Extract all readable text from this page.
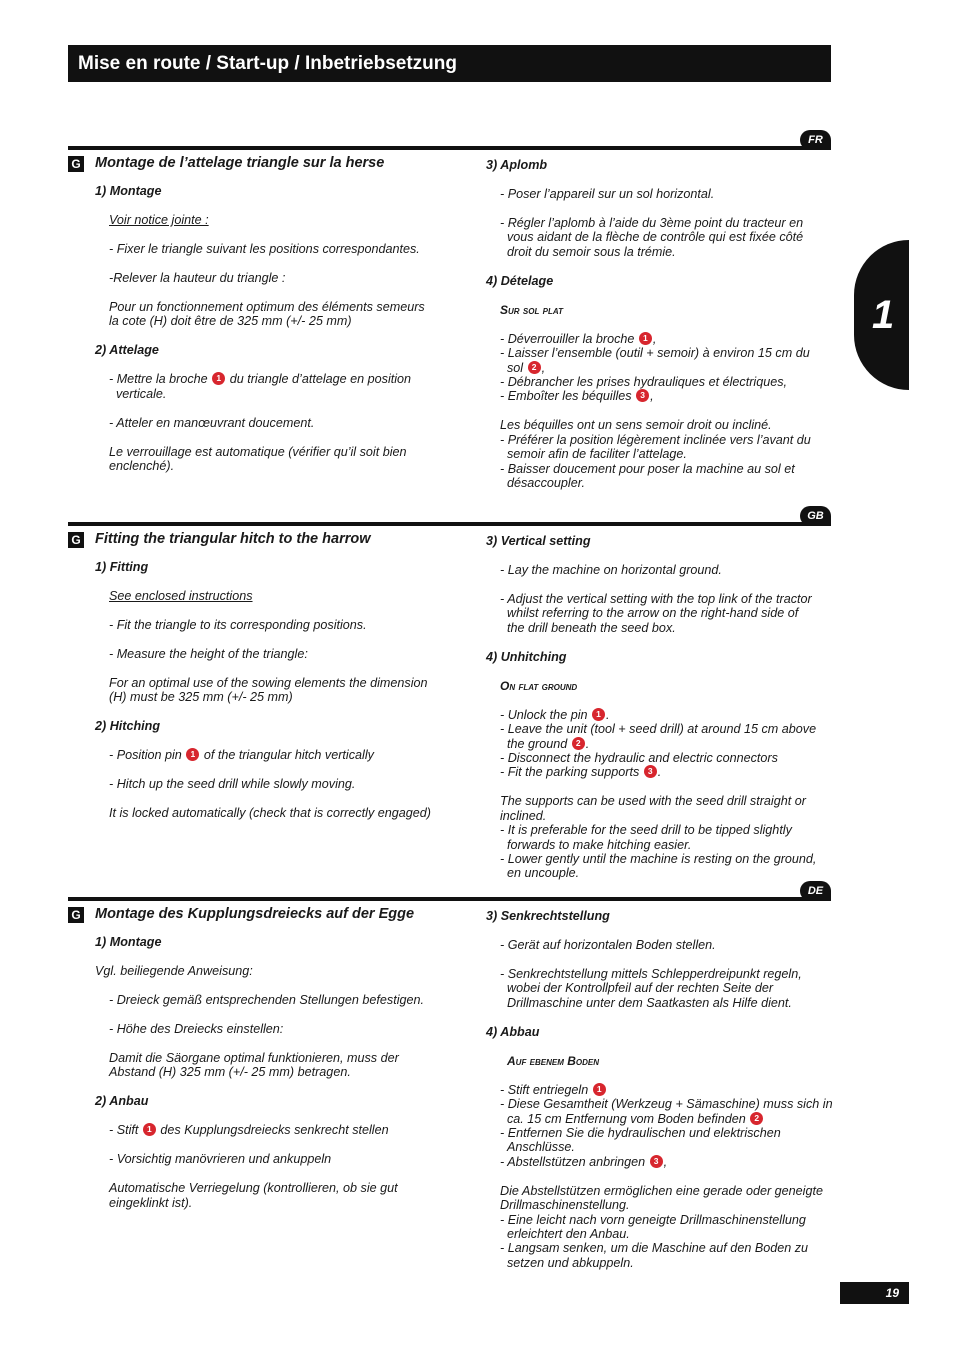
Mise en route / Start-up / Inbetriebsetzung
1
FR
G Montage de l’attelage triangle sur la herse
1) Montage
Voir notice jointe :
- Fixer le triangle suivant les positions correspondantes.
-Relever la hauteur du triangle :
Pour un fonctionnement optimum des éléments semeurs
la cote (H) doit être de 325 mm (+/- 25 mm)
2) Attelage
- Mettre la broche 1 du triangle d’attelage en position
verticale.
- Atteler en manœuvrant doucement.
Le verrouillage est automatique (vérifier qu’il soit bien
enclenché).
3) Aplomb
- Poser l’appareil sur un sol horizontal.
- Régler l’aplomb à l’aide du 3ème point du tracteur en
vous aidant de la flèche de contrôle qui est fixée côté
droit du semoir sous la trémie.
4) Dételage
Sur sol plat
- Déverrouiller la broche 1 ,
- Laisser l’ensemble (outil + semoir) à environ 15 cm du
sol 2 ,
- Débrancher les prises hydrauliques et électriques,
- Emboîter les béquilles 3 ,
Les béquilles ont un sens semoir droit ou incliné.
- Préférer la position légèrement inclinée vers l’avant du
semoir afin de faciliter l’attelage.
- Baisser doucement pour poser la machine au sol et
désaccoupler.
GB
G Fitting the triangular hitch to the harrow
1) Fitting
See enclosed instructions
- Fit the triangle to its corresponding positions.
- Measure the height of the triangle:
For an optimal use of the sowing elements the dimension
(H) must be 325 mm (+/- 25 mm)
2) Hitching
- Position pin 1 of the triangular hitch vertically
- Hitch up the seed drill while slowly moving.
It is locked automatically (check that is correctly engaged)
3) Vertical setting
- Lay the machine on horizontal ground.
- Adjust the vertical setting with the top link of the tractor
whilst referring to the arrow on the right-hand side of
the drill beneath the seed box.
4) Unhitching
On flat ground
- Unlock the pin 1 .
- Leave the unit (tool + seed drill) at around 15 cm above
the ground 2 .
- Disconnect the hydraulic and electric connectors
- Fit the parking supports 3 .
The supports can be used with the seed drill straight or
inclined.
- It is preferable for the seed drill to be tipped slightly
forwards to make hitching easier.
- Lower gently until the machine is resting on the ground,
en uncouple.
DE
G Montage des Kupplungsdreiecks auf der Egge
1) Montage
Vgl. beiliegende Anweisung:
- Dreieck gemäß entsprechenden Stellungen befestigen.
- Höhe des Dreiecks einstellen:
Damit die Säorgane optimal funktionieren, muss der
Abstand (H) 325 mm (+/- 25 mm) betragen.
2) Anbau
- Stift 1 des Kupplungsdreiecks senkrecht stellen
- Vorsichtig manövrieren und ankuppeln
Automatische Verriegelung (kontrollieren, ob sie gut
eingeklinkt ist).
3) Senkrechtstellung
- Gerät auf horizontalen Boden stellen.
- Senkrechtstellung mittels Schlepperdreipunkt regeln,
wobei der Kontrollpfeil auf der rechten Seite der
Drillmaschine unter dem Saatkasten als Hilfe dient.
4) Abbau
Auf ebenem Boden
- Stift entriegeln 1
- Diese Gesamtheit (Werkzeug + Sämaschine) muss sich in
ca. 15 cm Entfernung vom Boden befinden 2
- Entfernen Sie die hydraulischen und elektrischen
Anschlüsse.
- Abstellstützen anbringen 3 ,
Die Abstellstützen ermöglichen eine gerade oder geneigte
Drillmaschinenstellung.
- Eine leicht nach vorn geneigte Drillmaschinenstellung
erleichtert den Anbau.
- Langsam senken, um die Maschine auf den Boden zu
setzen und abkuppeln.
19
